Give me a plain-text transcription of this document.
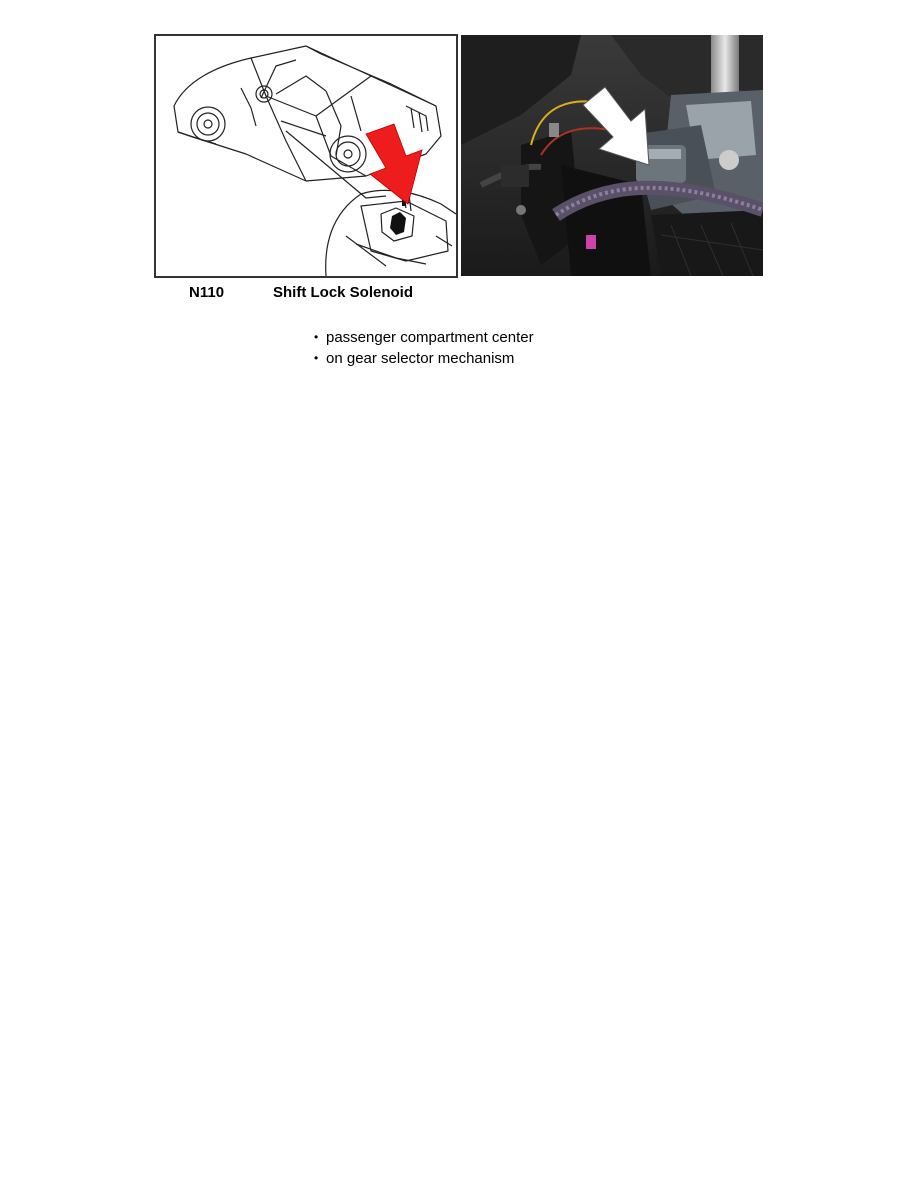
N110	Shift Lock Solenoid
• passenger compartment center
• on gear selector mechanism
